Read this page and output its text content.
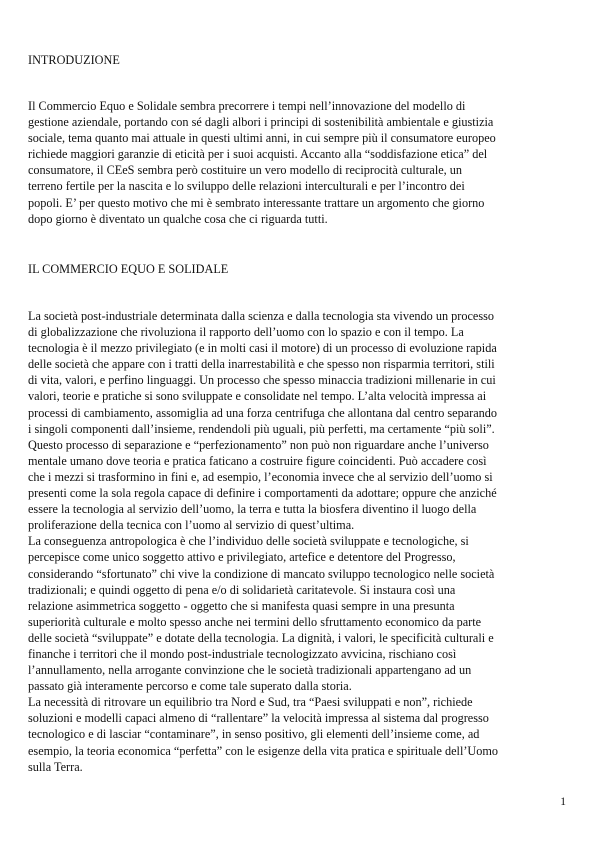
INTRODUZIONE

Il Commercio Equo e Solidale sembra precorrere i tempi nell’innovazione del modello di
gestione aziendale, portando con sé dagli albori i principi di sostenibilità ambientale e giustizia
sociale, tema quanto mai attuale in questi ultimi anni, in cui sempre più il consumatore europeo
richiede maggiori garanzie di eticità per i suoi acquisti. Accanto alla “soddisfazione etica” del
consumatore, il CEeS sembra però costituire un vero modello di reciprocità culturale, un
terreno fertile per la nascita e lo sviluppo delle relazioni interculturali e per l’incontro dei
popoli. E’ per questo motivo che mi è sembrato interessante trattare un argomento che giorno
dopo giorno è diventato un qualche cosa che ci riguarda tutti.

IL COMMERCIO EQUO E SOLIDALE

La società post-industriale determinata dalla scienza e dalla tecnologia sta vivendo un processo
di globalizzazione che rivoluziona il rapporto dell’uomo con lo spazio e con il tempo. La
tecnologia è il mezzo privilegiato (e in molti casi il motore) di un processo di evoluzione rapida
delle società che appare con i tratti della inarrestabilità e che spesso non risparmia territori, stili
di vita, valori, e perfino linguaggi. Un processo che spesso minaccia tradizioni millenarie in cui
valori, teorie e pratiche si sono sviluppate e consolidate nel tempo. L’alta velocità impressa ai
processi di cambiamento, assomiglia ad una forza centrifuga che allontana dal centro separando
i singoli componenti dall’insieme, rendendoli più uguali, più perfetti, ma certamente “più soli”.
Questo processo di separazione e “perfezionamento” non può non riguardare anche l’universo
mentale umano dove teoria e pratica faticano a costruire figure coincidenti. Può accadere così
che i mezzi si trasformino in fini e, ad esempio, l’economia invece che al servizio dell’uomo si
presenti come la sola regola capace di definire i comportamenti da adottare; oppure che anziché
essere la tecnologia al servizio dell’uomo, la terra e tutta la biosfera diventino il luogo della
proliferazione della tecnica con l’uomo al servizio di quest’ultima.
La conseguenza antropologica è che l’individuo delle società sviluppate e tecnologiche, si
percepisce come unico soggetto attivo e privilegiato, artefice e detentore del Progresso,
considerando “sfortunato” chi vive la condizione di mancato sviluppo tecnologico nelle società
tradizionali; e quindi oggetto di pena e/o di solidarietà caritatevole. Si instaura così una
relazione asimmetrica soggetto - oggetto che si manifesta quasi sempre in una presunta
superiorità culturale e molto spesso anche nei termini dello sfruttamento economico da parte
delle società “sviluppate” e dotate della tecnologia. La dignità, i valori, le specificità culturali e
finanche i territori che il mondo post-industriale tecnologizzato avvicina, rischiano così
l’annullamento, nella arrogante convinzione che le società tradizionali appartengano ad un
passato già interamente percorso e come tale superato dalla storia.
La necessità di ritrovare un equilibrio tra Nord e Sud, tra “Paesi sviluppati e non”, richiede
soluzioni e modelli capaci almeno di “rallentare” la velocità impressa al sistema dal progresso
tecnologico e di lasciar “contaminare”, in senso positivo, gli elementi dell’insieme come, ad
esempio, la teoria economica “perfetta” con le esigenze della vita pratica e spirituale dell’Uomo
sulla Terra.

1
